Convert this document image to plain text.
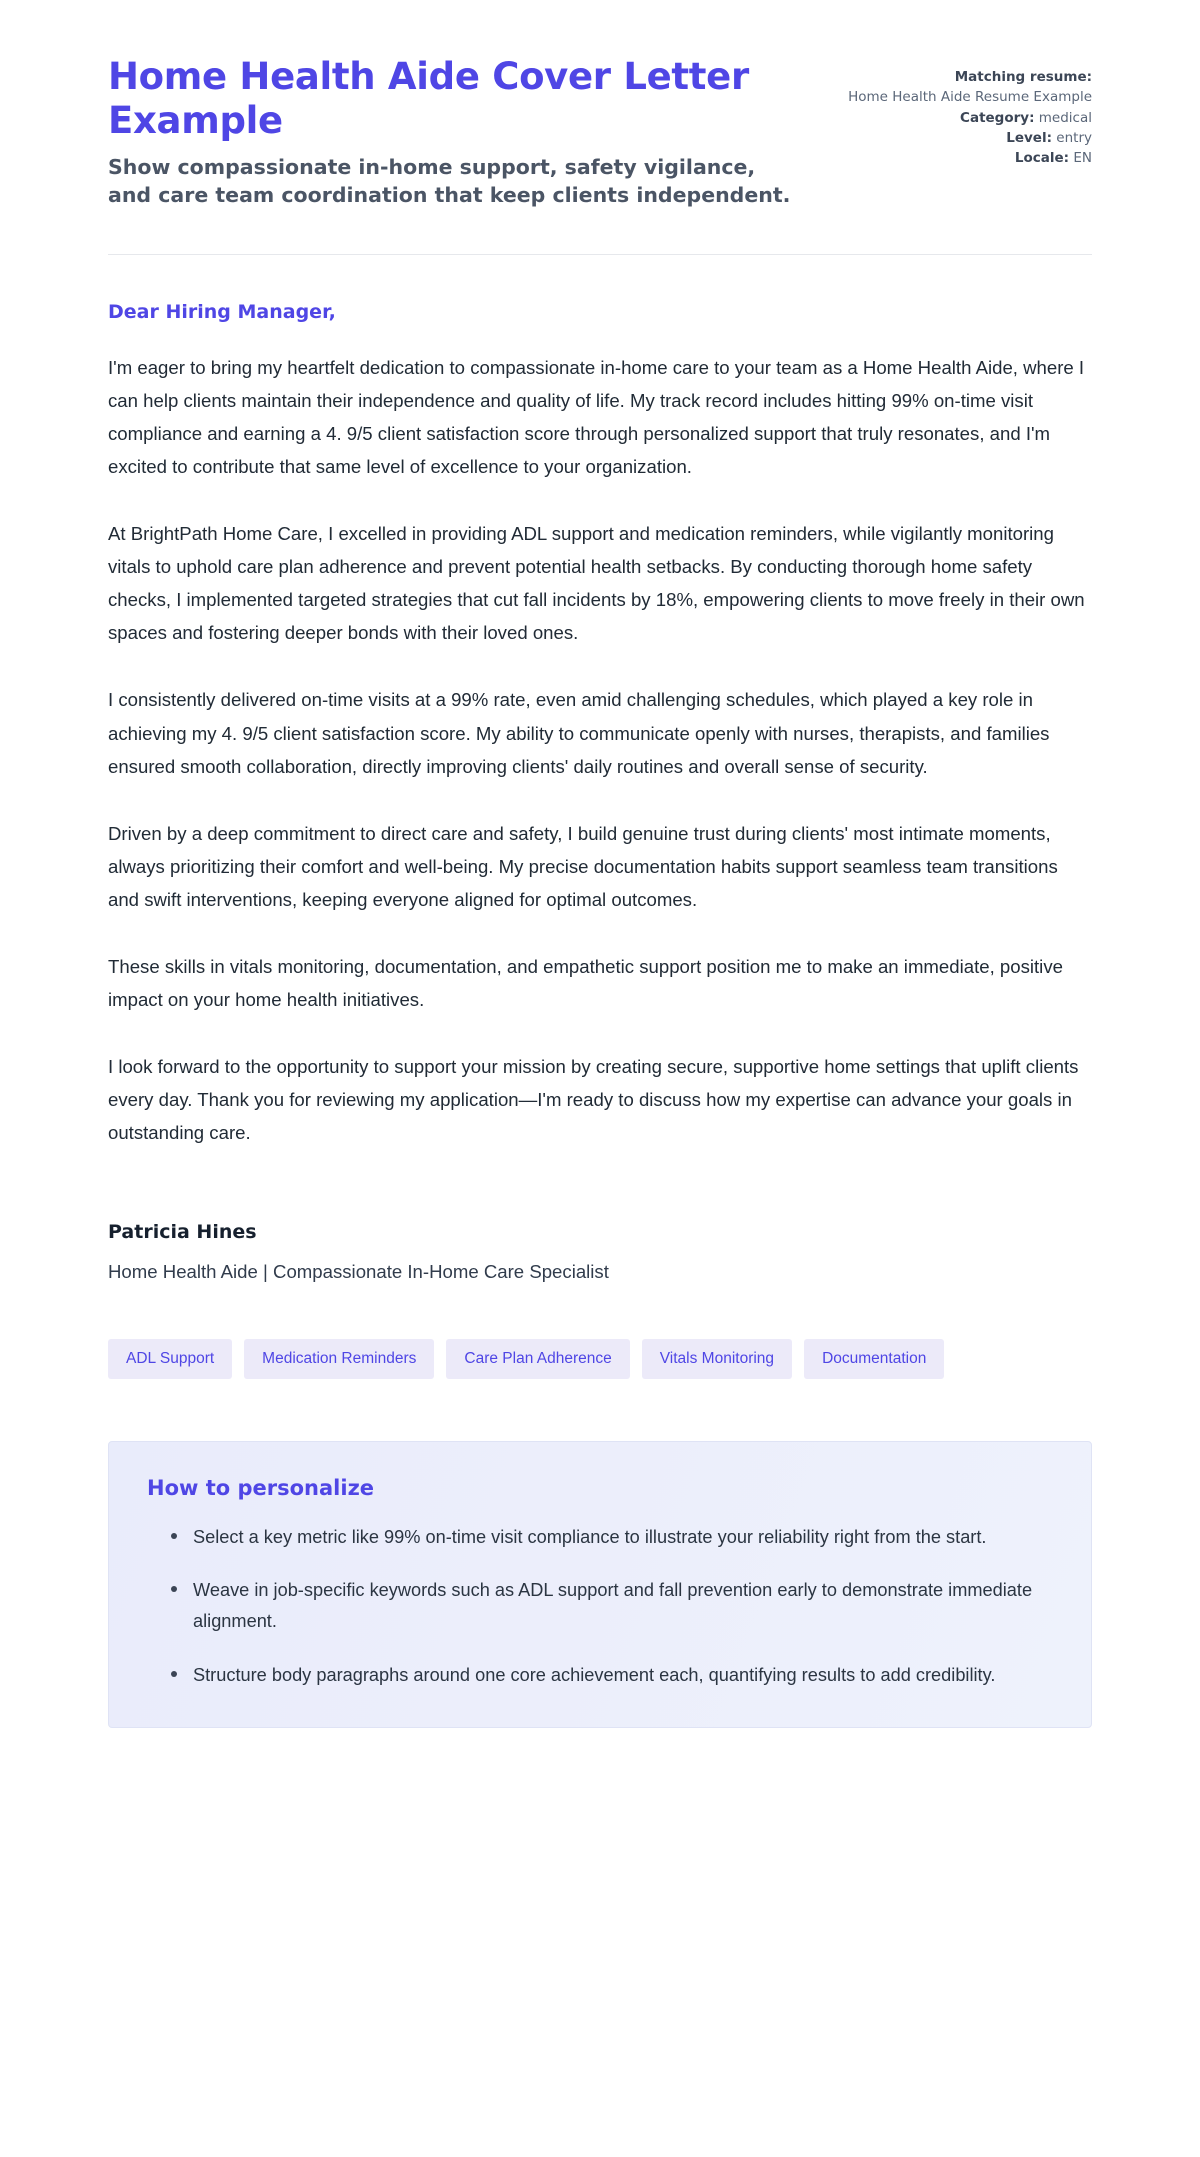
Home Health Aide Cover Letter Example

Show compassionate in-home support, safety vigilance, and care team coordination that keep clients independent.

Matching resume:
Home Health Aide Resume Example
Category: medical
Level: entry
Locale: EN

Dear Hiring Manager,

I'm eager to bring my heartfelt dedication to compassionate in-home care to your team as a Home Health Aide, where I can help clients maintain their independence and quality of life. My track record includes hitting 99% on-time visit compliance and earning a 4. 9/5 client satisfaction score through personalized support that truly resonates, and I'm excited to contribute that same level of excellence to your organization.

At BrightPath Home Care, I excelled in providing ADL support and medication reminders, while vigilantly monitoring vitals to uphold care plan adherence and prevent potential health setbacks. By conducting thorough home safety checks, I implemented targeted strategies that cut fall incidents by 18%, empowering clients to move freely in their own spaces and fostering deeper bonds with their loved ones.

I consistently delivered on-time visits at a 99% rate, even amid challenging schedules, which played a key role in achieving my 4. 9/5 client satisfaction score. My ability to communicate openly with nurses, therapists, and families ensured smooth collaboration, directly improving clients' daily routines and overall sense of security.

Driven by a deep commitment to direct care and safety, I build genuine trust during clients' most intimate moments, always prioritizing their comfort and well-being. My precise documentation habits support seamless team transitions and swift interventions, keeping everyone aligned for optimal outcomes.

These skills in vitals monitoring, documentation, and empathetic support position me to make an immediate, positive impact on your home health initiatives.

I look forward to the opportunity to support your mission by creating secure, supportive home settings that uplift clients every day. Thank you for reviewing my application—I'm ready to discuss how my expertise can advance your goals in outstanding care.

Patricia Hines

Home Health Aide | Compassionate In-Home Care Specialist

ADL Support	Medication Reminders	Care Plan Adherence	Vitals Monitoring	Documentation
How to personalize
Select a key metric like 99% on-time visit compliance to illustrate your reliability right from the start.
Weave in job-specific keywords such as ADL support and fall prevention early to demonstrate immediate alignment.
Structure body paragraphs around one core achievement each, quantifying results to add credibility.
